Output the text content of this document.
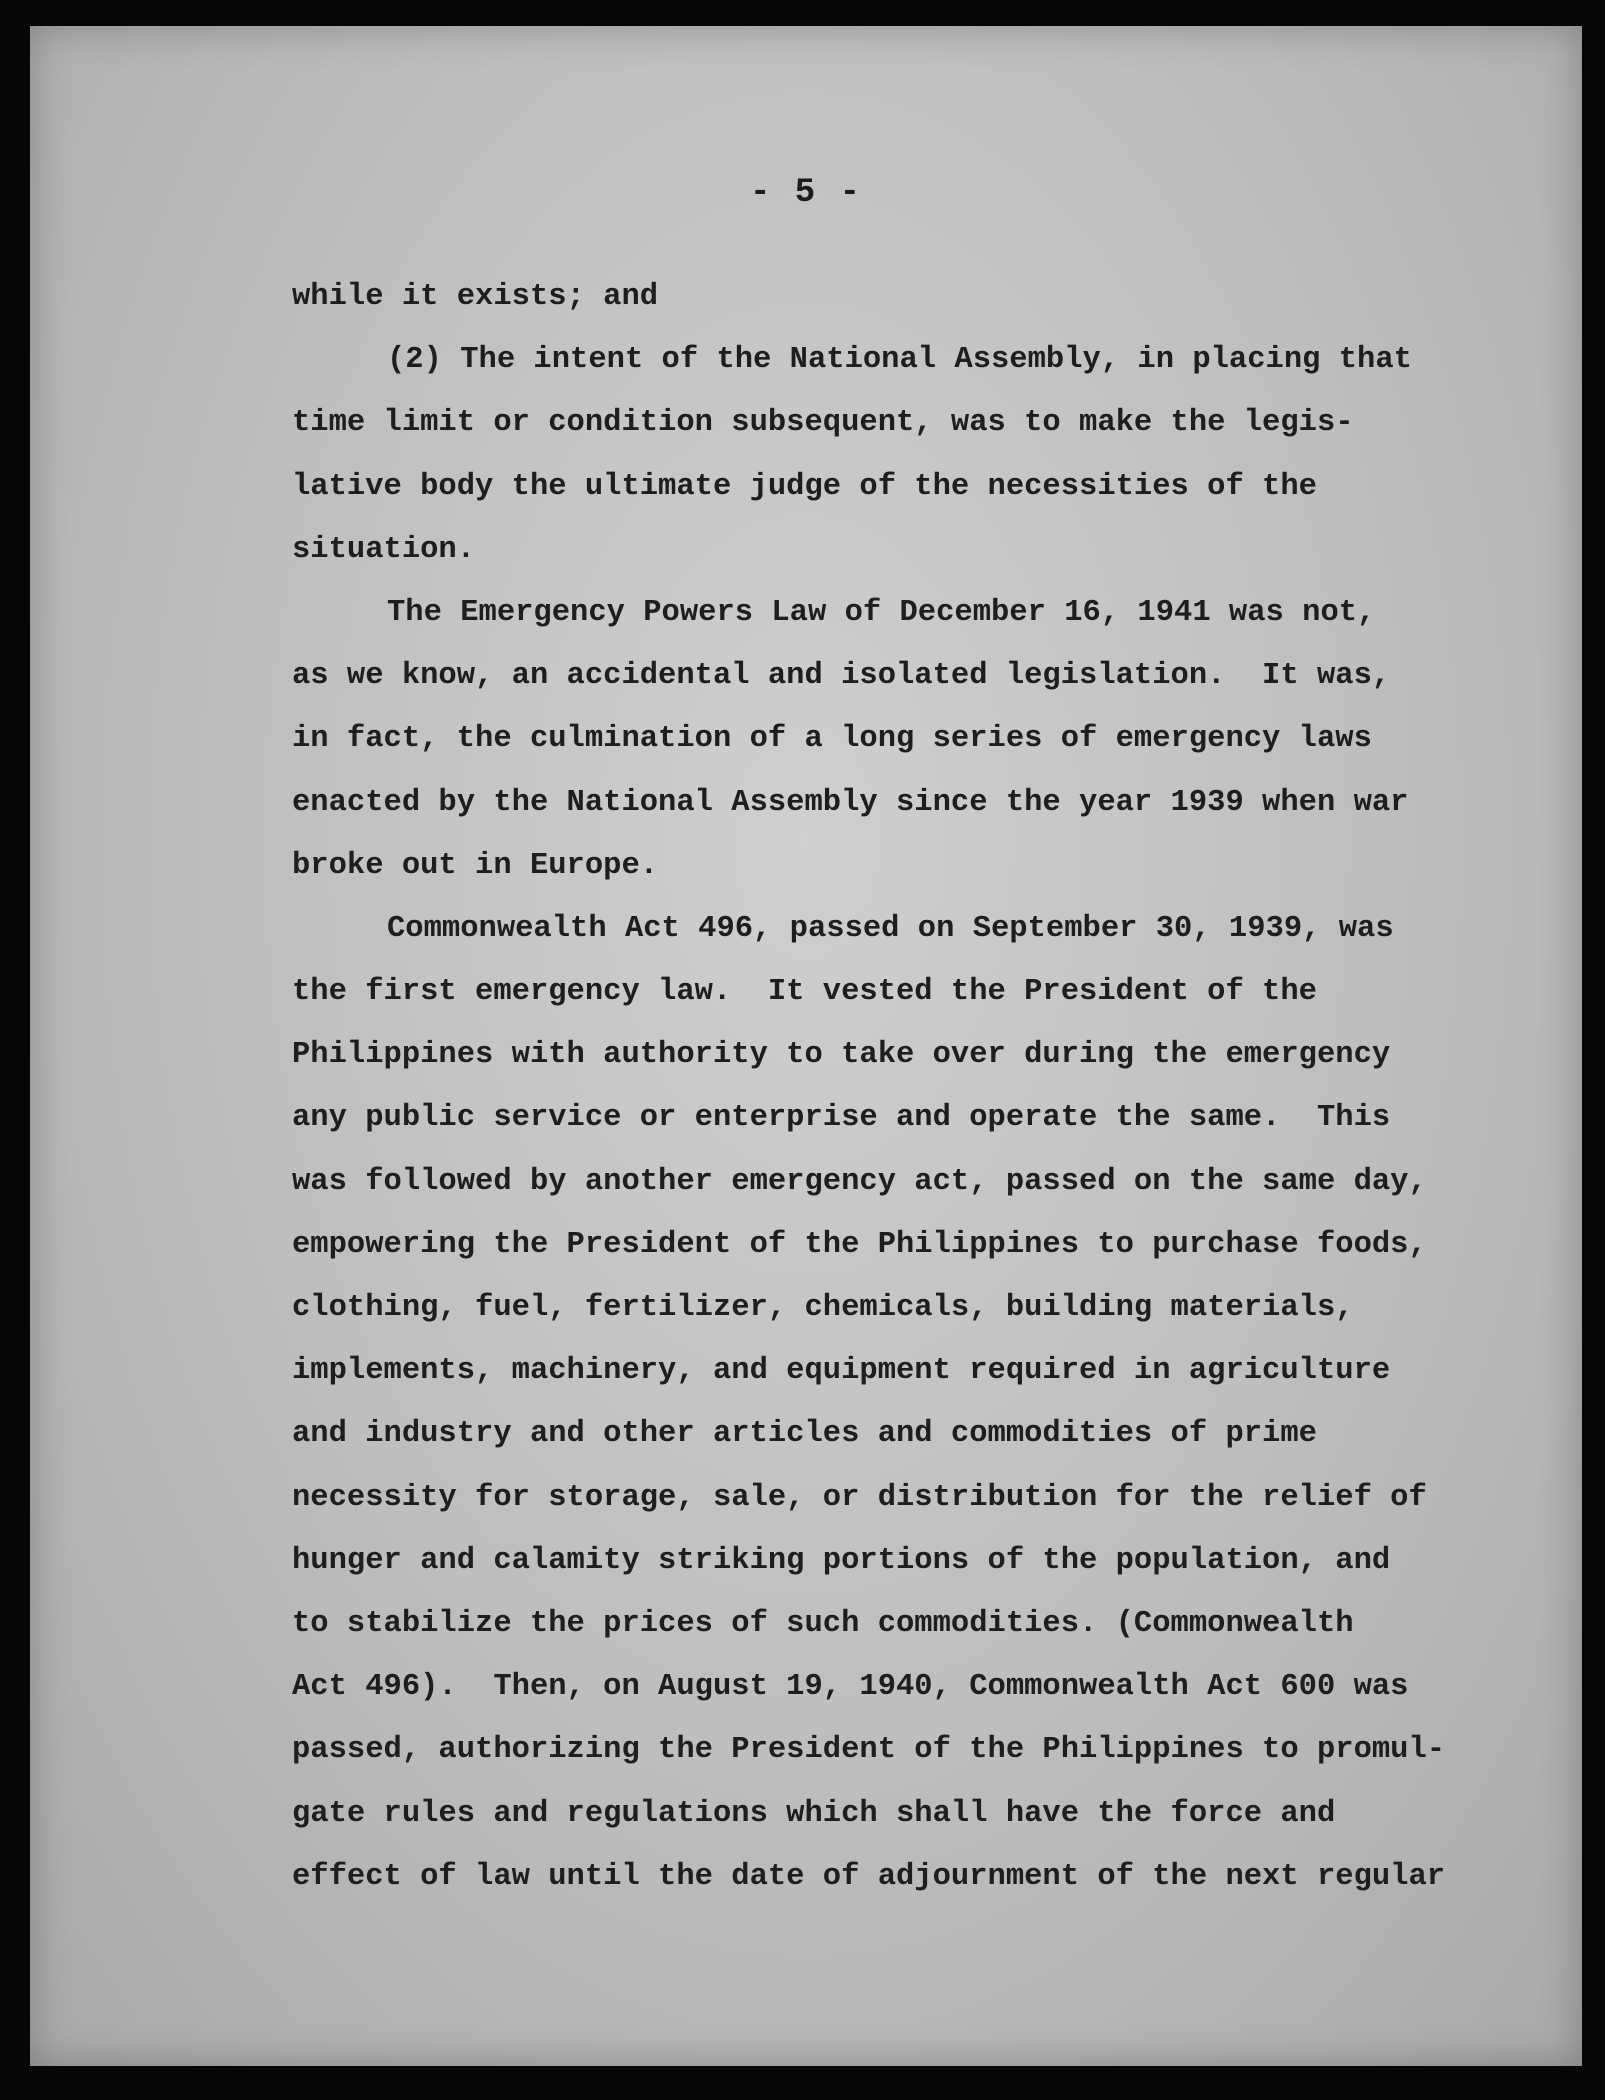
- 5 -
while it exists; and
(2) The intent of the National Assembly, in placing that
time limit or condition subsequent, was to make the legis-
lative body the ultimate judge of the necessities of the
situation.
The Emergency Powers Law of December 16, 1941 was not,
as we know, an accidental and isolated legislation.  It was,
in fact, the culmination of a long series of emergency laws
enacted by the National Assembly since the year 1939 when war
broke out in Europe.
Commonwealth Act 496, passed on September 30, 1939, was
the first emergency law.  It vested the President of the
Philippines with authority to take over during the emergency
any public service or enterprise and operate the same.  This
was followed by another emergency act, passed on the same day,
empowering the President of the Philippines to purchase foods,
clothing, fuel, fertilizer, chemicals, building materials,
implements, machinery, and equipment required in agriculture
and industry and other articles and commodities of prime
necessity for storage, sale, or distribution for the relief of
hunger and calamity striking portions of the population, and
to stabilize the prices of such commodities. (Commonwealth
Act 496).  Then, on August 19, 1940, Commonwealth Act 600 was
passed, authorizing the President of the Philippines to promul-
gate rules and regulations which shall have the force and
effect of law until the date of adjournment of the next regular
